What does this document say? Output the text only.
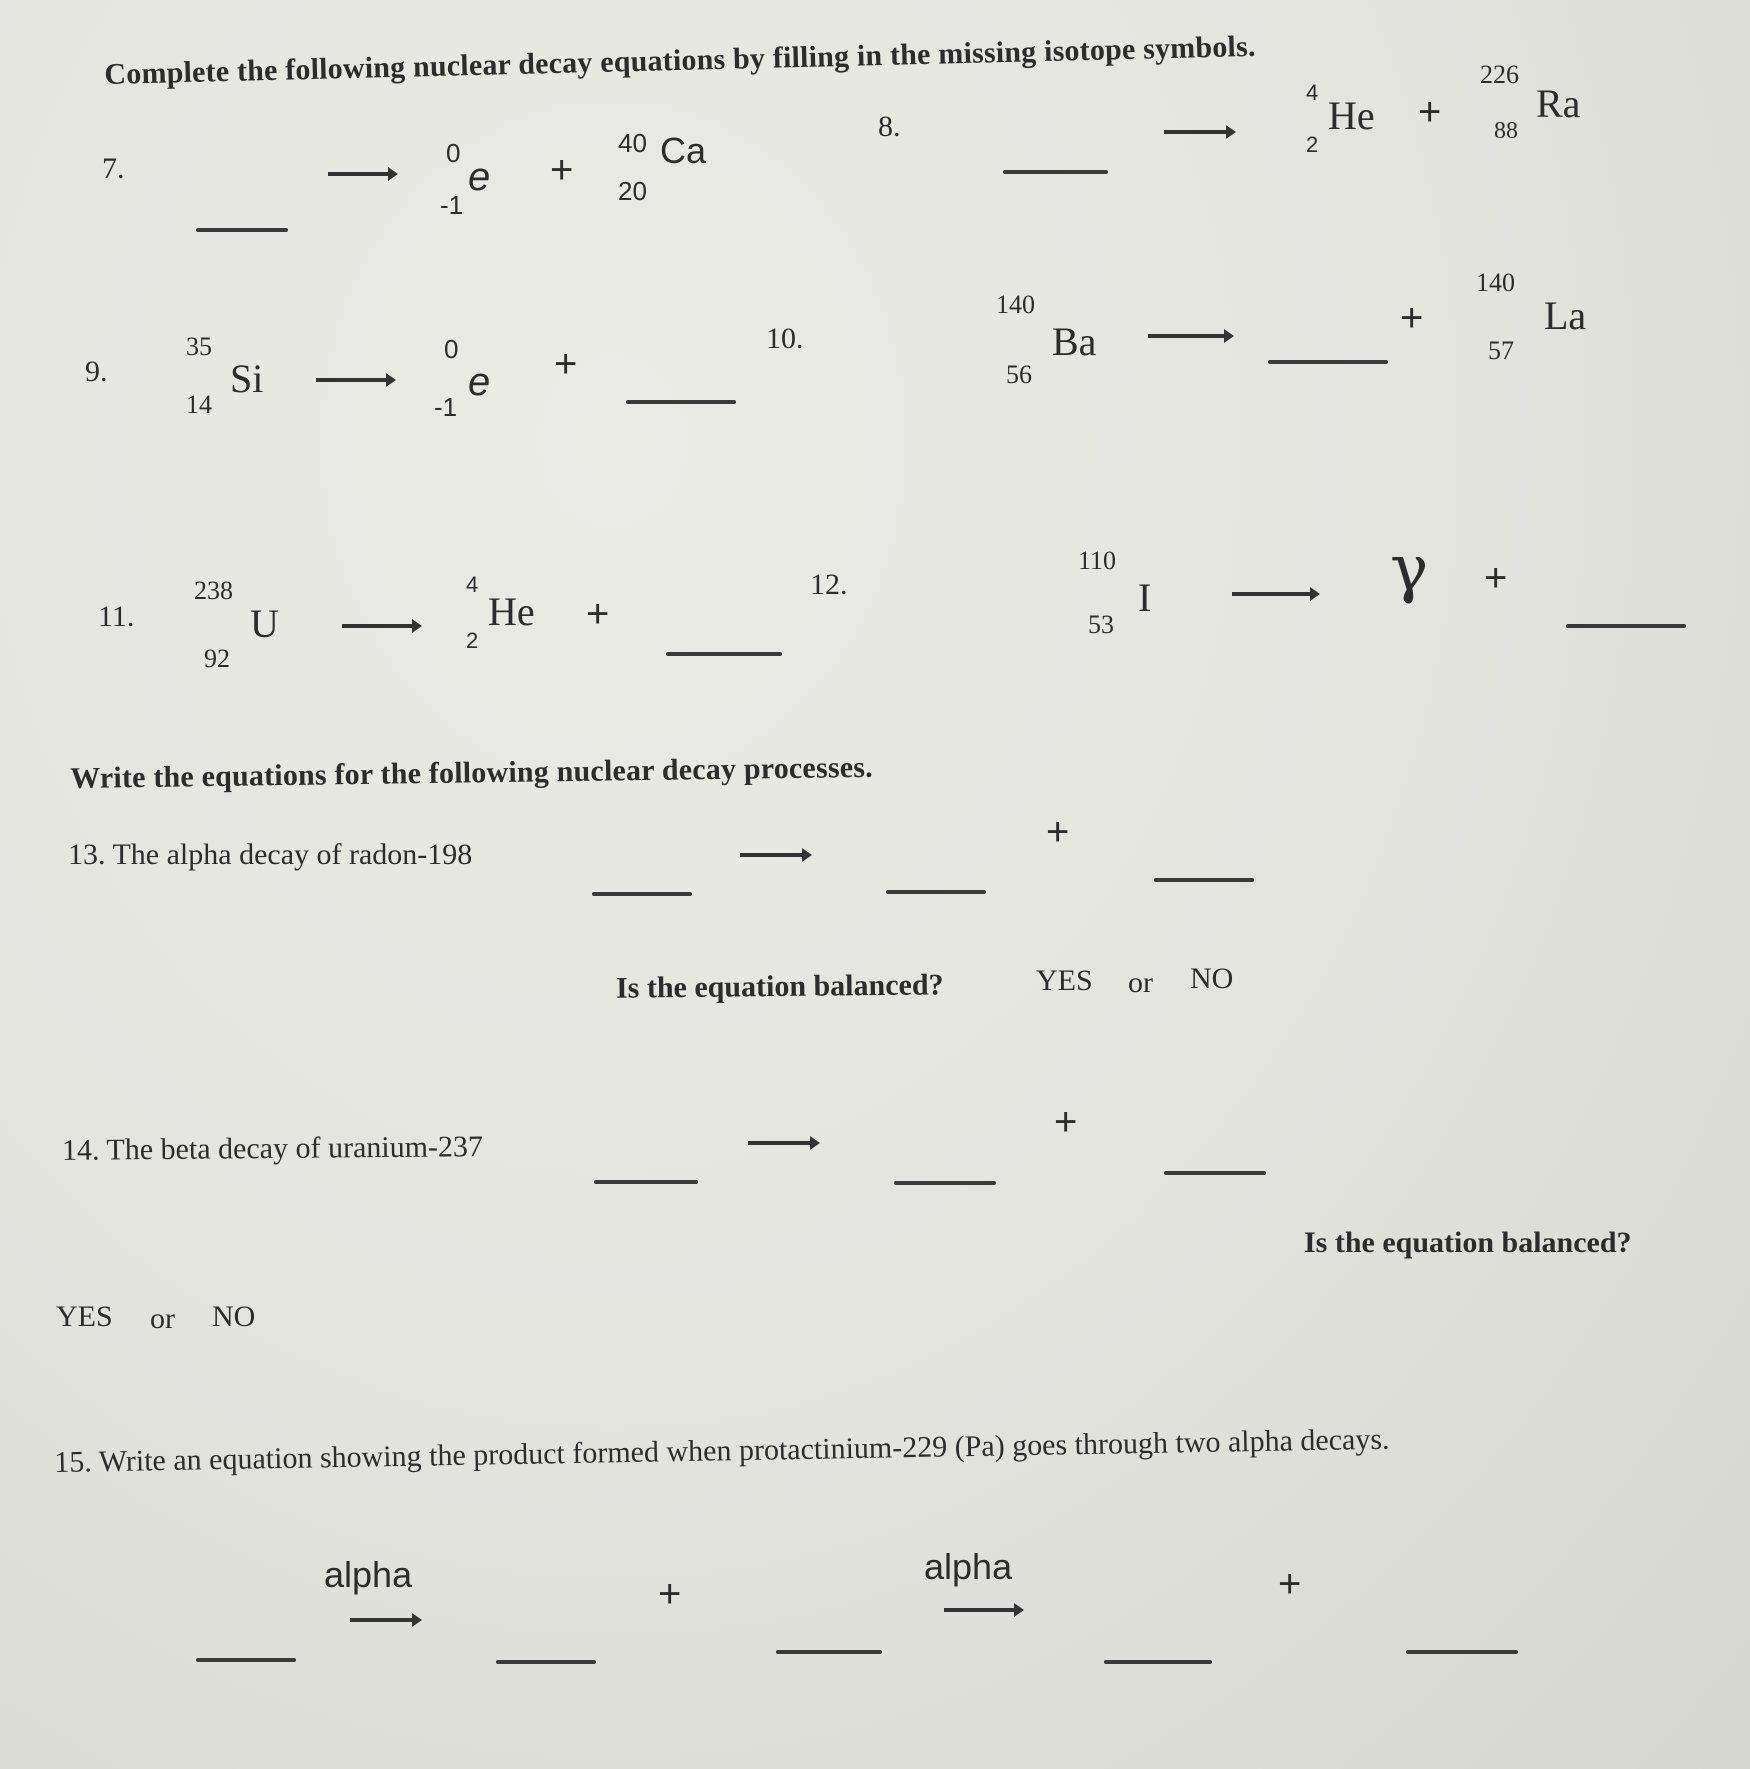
Complete the following nuclear decay equations by filling in the missing isotope symbols.
7.	0
-1
e +
40
20
Ca
8.
4
2
He +
226
88
Ra
9.
35
14
Si
0
-1
e +
10.
140
56
Ba
+
140
57
La
11.
238
92
U
4
2
He +
12.
110
53
I	γ +
Write the equations for the following nuclear decay processes.
13. The alpha decay of radon-198
+
Is the equation balanced?	YES or NO
14. The beta decay of uranium-237
+
Is the equation balanced?
YES or NO
15. Write an equation showing the product formed when protactinium-229 (Pa) goes through two alpha decays.
alpha	+
alpha	+
